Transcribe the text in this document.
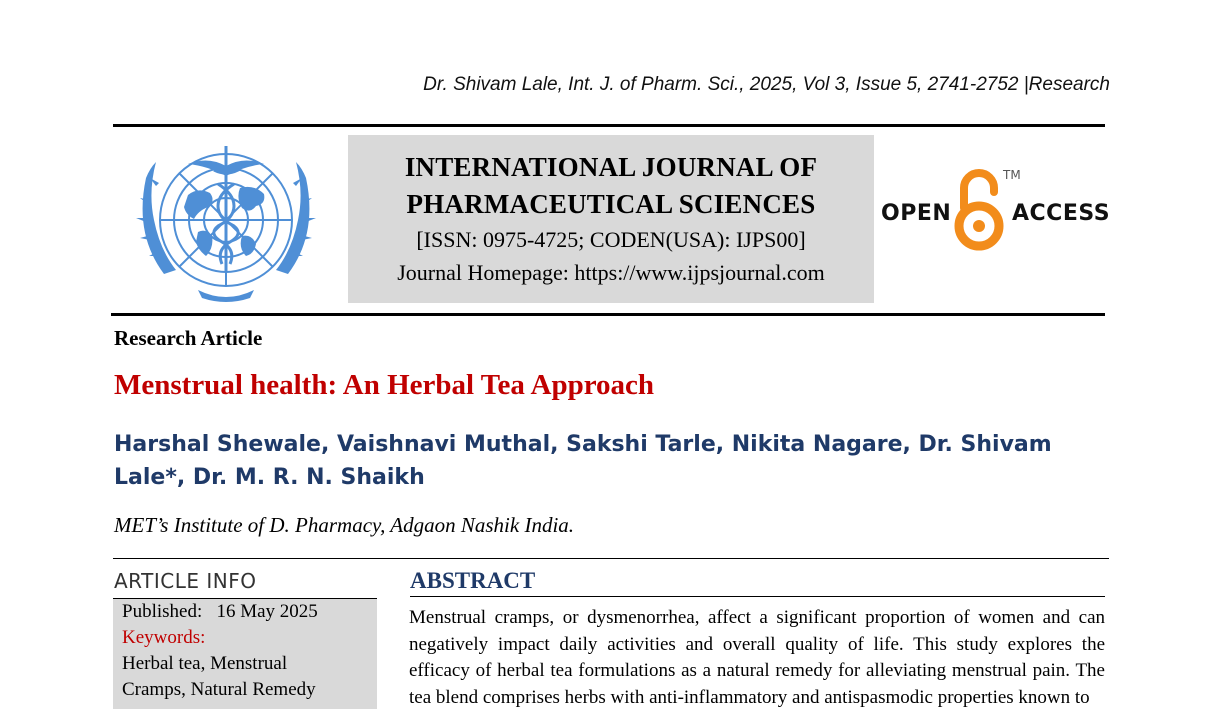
Dr. Shivam Lale, Int. J. of Pharm. Sci., 2025, Vol 3, Issue 5, 2741-2752 |Research
INTERNATIONAL JOURNAL OF
PHARMACEUTICAL SCIENCES
[ISSN: 0975-4725; CODEN(USA): IJPS00]
Journal Homepage: https://www.ijpsjournal.com
OPEN
TM
ACCESS
Research Article
Menstrual health: An Herbal Tea Approach
Harshal Shewale, Vaishnavi Muthal, Sakshi Tarle, Nikita Nagare, Dr. Shivam Lale*, Dr. M. R. N. Shaikh
MET’s Institute of D. Pharmacy, Adgaon Nashik India.
ARTICLE INFO
Published: 16 May 2025
Keywords:
Herbal tea, Menstrual
Cramps, Natural Remedy
ABSTRACT
Menstrual cramps, or dysmenorrhea, affect a significant proportion of women and can negatively impact daily activities and overall quality of life. This study explores the efficacy of herbal tea formulations as a natural remedy for alleviating menstrual pain. The tea blend comprises herbs with anti-inflammatory and antispasmodic properties known to
